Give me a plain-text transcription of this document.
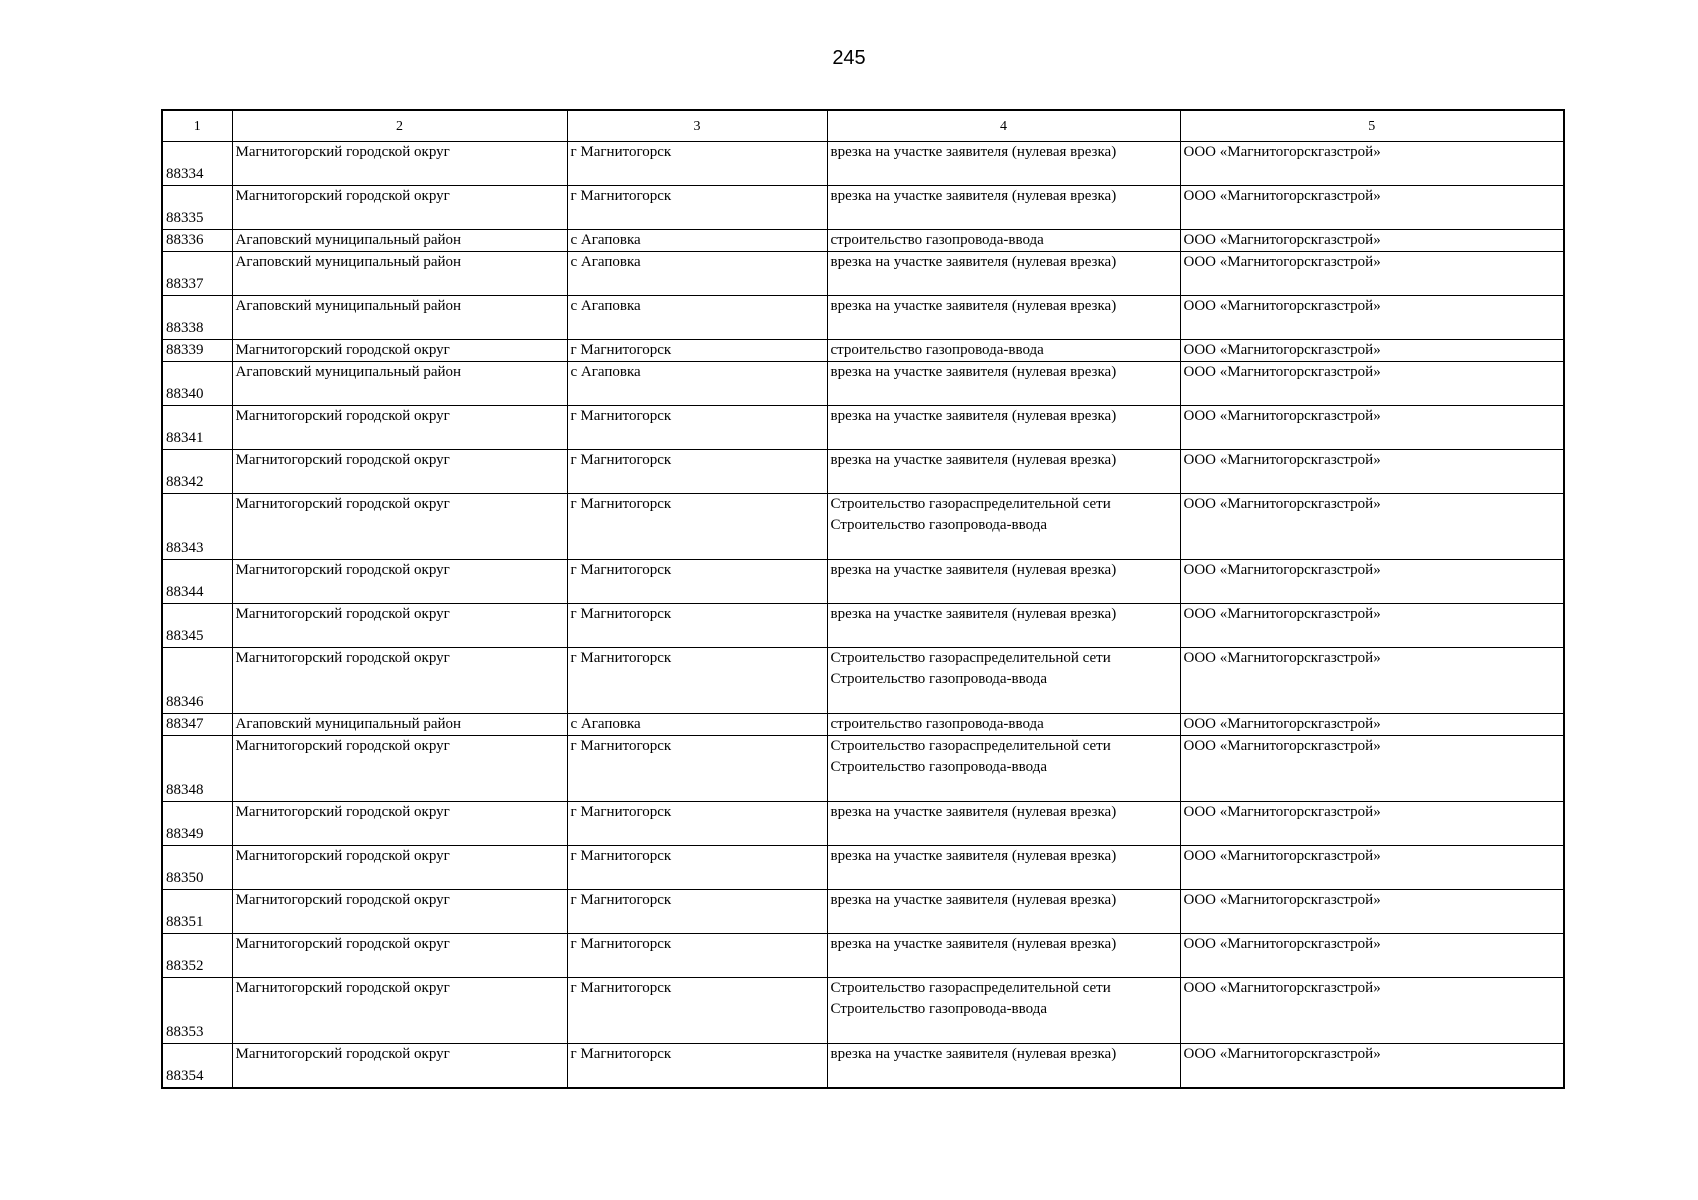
245
1	2	3	4	5
88334	Магнитогорский городской округ	г Магнитогорск	врезка на участке заявителя (нулевая врезка)	ООО «Магнитогорскгазстрой»
88335	Магнитогорский городской округ	г Магнитогорск	врезка на участке заявителя (нулевая врезка)	ООО «Магнитогорскгазстрой»
88336	Агаповский муниципальный район	с Агаповка	строительство газопровода-ввода	ООО «Магнитогорскгазстрой»
88337	Агаповский муниципальный район	с Агаповка	врезка на участке заявителя (нулевая врезка)	ООО «Магнитогорскгазстрой»
88338	Агаповский муниципальный район	с Агаповка	врезка на участке заявителя (нулевая врезка)	ООО «Магнитогорскгазстрой»
88339	Магнитогорский городской округ	г Магнитогорск	строительство газопровода-ввода	ООО «Магнитогорскгазстрой»
88340	Агаповский муниципальный район	с Агаповка	врезка на участке заявителя (нулевая врезка)	ООО «Магнитогорскгазстрой»
88341	Магнитогорский городской округ	г Магнитогорск	врезка на участке заявителя (нулевая врезка)	ООО «Магнитогорскгазстрой»
88342	Магнитогорский городской округ	г Магнитогорск	врезка на участке заявителя (нулевая врезка)	ООО «Магнитогорскгазстрой»
88343	Магнитогорский городской округ	г Магнитогорск	Строительство газораспределительной сети
Строительство газопровода-ввода	ООО «Магнитогорскгазстрой»
88344	Магнитогорский городской округ	г Магнитогорск	врезка на участке заявителя (нулевая врезка)	ООО «Магнитогорскгазстрой»
88345	Магнитогорский городской округ	г Магнитогорск	врезка на участке заявителя (нулевая врезка)	ООО «Магнитогорскгазстрой»
88346	Магнитогорский городской округ	г Магнитогорск	Строительство газораспределительной сети
Строительство газопровода-ввода	ООО «Магнитогорскгазстрой»
88347	Агаповский муниципальный район	с Агаповка	строительство газопровода-ввода	ООО «Магнитогорскгазстрой»
88348	Магнитогорский городской округ	г Магнитогорск	Строительство газораспределительной сети
Строительство газопровода-ввода	ООО «Магнитогорскгазстрой»
88349	Магнитогорский городской округ	г Магнитогорск	врезка на участке заявителя (нулевая врезка)	ООО «Магнитогорскгазстрой»
88350	Магнитогорский городской округ	г Магнитогорск	врезка на участке заявителя (нулевая врезка)	ООО «Магнитогорскгазстрой»
88351	Магнитогорский городской округ	г Магнитогорск	врезка на участке заявителя (нулевая врезка)	ООО «Магнитогорскгазстрой»
88352	Магнитогорский городской округ	г Магнитогорск	врезка на участке заявителя (нулевая врезка)	ООО «Магнитогорскгазстрой»
88353	Магнитогорский городской округ	г Магнитогорск	Строительство газораспределительной сети
Строительство газопровода-ввода	ООО «Магнитогорскгазстрой»
88354	Магнитогорский городской округ	г Магнитогорск	врезка на участке заявителя (нулевая врезка)	ООО «Магнитогорскгазстрой»
